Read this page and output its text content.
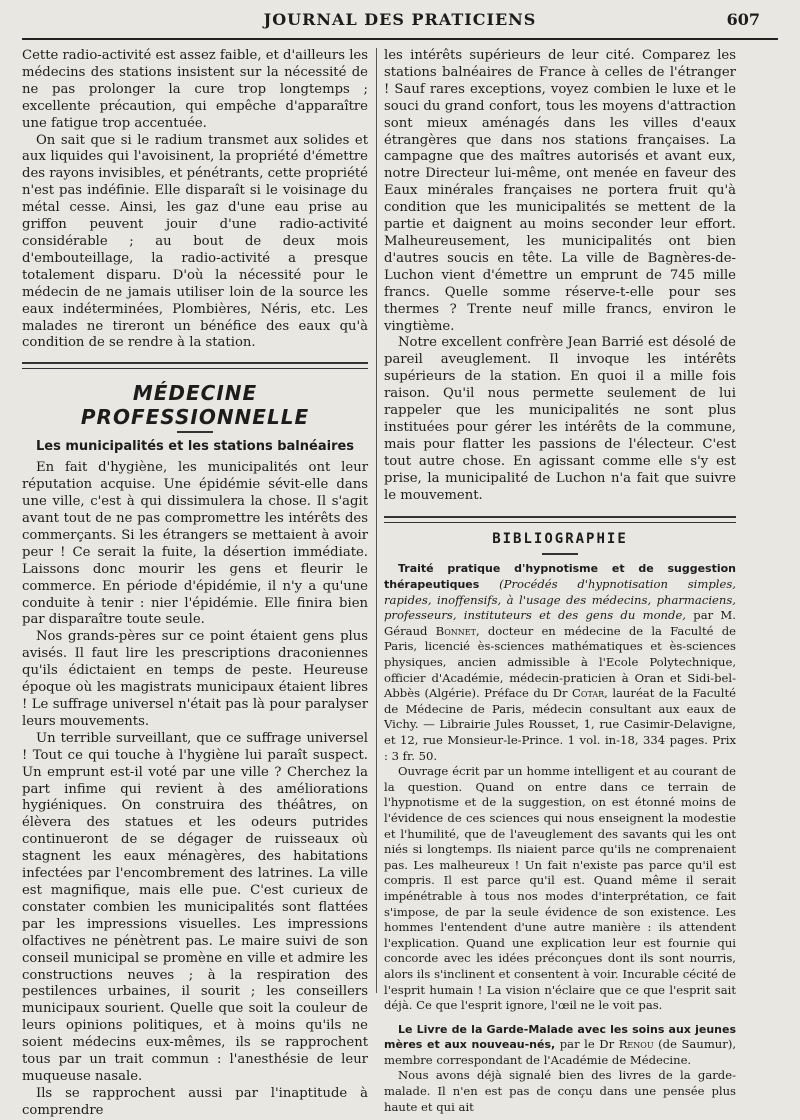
JOURNAL DES PRATICIENS	607

Cette radio-activité est assez faible, et d'ailleurs les médecins des stations insistent sur la nécessité de ne pas prolonger la cure trop longtemps ; excellente précaution, qui empêche d'apparaître une fatigue trop accentuée.

On sait que si le radium transmet aux solides et aux liquides qui l'avoisinent, la propriété d'émettre des rayons invisibles, et pénétrants, cette propriété n'est pas indéfinie. Elle disparaît si le voisinage du métal cesse. Ainsi, les gaz d'une eau prise au griffon peuvent jouir d'une radio-activité considérable ; au bout de deux mois d'embouteillage, la radio-activité a presque totalement disparu. D'où la nécessité pour le médecin de ne jamais utiliser loin de la source les eaux indéterminées, Plombières, Néris, etc. Les malades ne tireront un bénéfice des eaux qu'à condition de se rendre à la station.

MÉDECINE PROFESSIONNELLE
Les municipalités et les stations balnéaires

En fait d'hygiène, les municipalités ont leur réputation acquise. Une épidémie sévit-elle dans une ville, c'est à qui dissimulera la chose. Il s'agit avant tout de ne pas compromettre les intérêts des commerçants. Si les étrangers se mettaient à avoir peur ! Ce serait la fuite, la désertion immédiate. Laissons donc mourir les gens et fleurir le commerce. En période d'épidémie, il n'y a qu'une conduite à tenir : nier l'épidémie. Elle finira bien par disparaître toute seule.

Nos grands-pères sur ce point étaient gens plus avisés. Il faut lire les prescriptions draconiennes qu'ils édictaient en temps de peste. Heureuse époque où les magistrats municipaux étaient libres ! Le suffrage universel n'était pas là pour paralyser leurs mouvements.

Un terrible surveillant, que ce suffrage universel ! Tout ce qui touche à l'hygiène lui paraît suspect. Un emprunt est-il voté par une ville ? Cherchez la part infime qui revient à des améliorations hygiéniques. On construira des théâtres, on élèvera des statues et les odeurs putrides continueront de se dégager de ruisseaux où stagnent les eaux ménagères, des habitations infectées par l'encombrement des latrines. La ville est magnifique, mais elle pue. C'est curieux de constater combien les municipalités sont flattées par les impressions visuelles. Les impressions olfactives ne pénètrent pas. Le maire suivi de son conseil municipal se promène en ville et admire les constructions neuves ; à la respiration des pestilences urbaines, il sourit ; les conseillers municipaux sourient. Quelle que soit la couleur de leurs opinions politiques, et à moins qu'ils ne soient médecins eux-mêmes, ils se rapprochent tous par un trait commun : l'anesthésie de leur muqueuse nasale.

Ils se rapprochent aussi par l'inaptitude à comprendre

les intérêts supérieurs de leur cité. Comparez les stations balnéaires de France à celles de l'étranger ! Sauf rares exceptions, voyez combien le luxe et le souci du grand confort, tous les moyens d'attraction sont mieux aménagés dans les villes d'eaux étrangères que dans nos stations françaises. La campagne que des maîtres autorisés et avant eux, notre Directeur lui-même, ont menée en faveur des Eaux minérales françaises ne portera fruit qu'à condition que les municipalités se mettent de la partie et daignent au moins seconder leur effort. Malheureusement, les municipalités ont bien d'autres soucis en tête. La ville de Bagnères-de-Luchon vient d'émettre un emprunt de 745 mille francs. Quelle somme réserve-t-elle pour ses thermes ? Trente neuf mille francs, environ le vingtième.

Notre excellent confrère Jean Barrié est désolé de pareil aveuglement. Il invoque les intérêts supérieurs de la station. En quoi il a mille fois raison. Qu'il nous permette seulement de lui rappeler que les municipalités ne sont plus instituées pour gérer les intérêts de la commune, mais pour flatter les passions de l'électeur. C'est tout autre chose. En agissant comme elle s'y est prise, la municipalité de Luchon n'a fait que suivre le mouvement.

BIBLIOGRAPHIE

Traité pratique d'hypnotisme et de suggestion thérapeutiques (Procédés d'hypnotisation simples, rapides, inoffensifs, à l'usage des médecins, pharmaciens, professeurs, instituteurs et des gens du monde, par M. Géraud Bonnet, docteur en médecine de la Faculté de Paris, licencié ès-sciences mathématiques et ès-sciences physiques, ancien admissible à l'Ecole Polytechnique, officier d'Académie, médecin-praticien à Oran et Sidi-bel-Abbès (Algérie). Préface du Dr Cotar, lauréat de la Faculté de Médecine de Paris, médecin consultant aux eaux de Vichy. — Librairie Jules Rousset, 1, rue Casimir-Delavigne, et 12, rue Monsieur-le-Prince. 1 vol. in-18, 334 pages. Prix : 3 fr. 50.

Ouvrage écrit par un homme intelligent et au courant de la question. Quand on entre dans ce terrain de l'hypnotisme et de la suggestion, on est étonné moins de l'évidence de ces sciences qui nous enseignent la modestie et l'humilité, que de l'aveuglement des savants qui les ont niés si longtemps. Ils niaient parce qu'ils ne comprenaient pas. Les malheureux ! Un fait n'existe pas parce qu'il est compris. Il est parce qu'il est. Quand même il serait impénétrable à tous nos modes d'interprétation, ce fait s'impose, de par la seule évidence de son existence. Les hommes l'entendent d'une autre manière : ils attendent l'explication. Quand une explication leur est fournie qui concorde avec les idées préconçues dont ils sont nourris, alors ils s'inclinent et consentent à voir. Incurable cécité de l'esprit humain ! La vision n'éclaire que ce que l'esprit sait déjà. Ce que l'esprit ignore, l'œil ne le voit pas.

Le Livre de la Garde-Malade avec les soins aux jeunes mères et aux nouveau-nés, par le Dr Renou (de Saumur), membre correspondant de l'Académie de Médecine.

Nous avons déjà signalé bien des livres de la garde-malade. Il n'en est pas de conçu dans une pensée plus haute et qui ait
